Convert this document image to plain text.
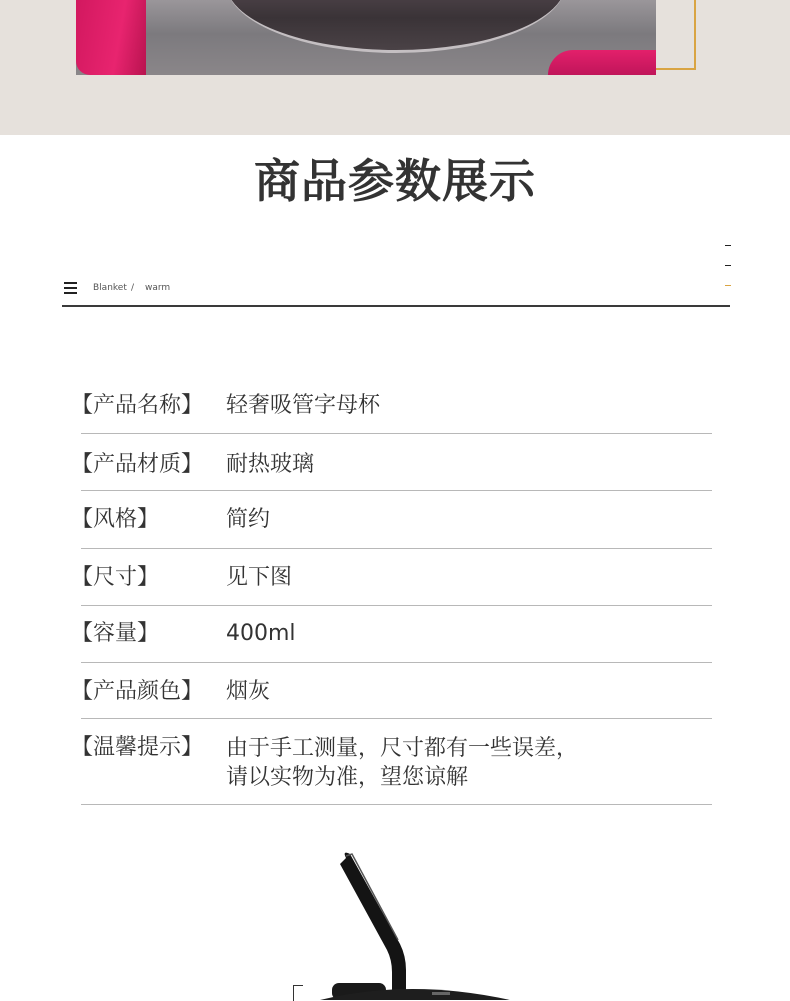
商品参数展示
Blanket / warm
【产品名称】 轻奢吸管字母杯
【产品材质】 耐热玻璃
【风格】	简约
【尺寸】	见下图
【容量】	400ml
【产品颜色】 烟灰
【温馨提示】 由于手工测量，尺寸都有一些误差，
请以实物为准，望您谅解
